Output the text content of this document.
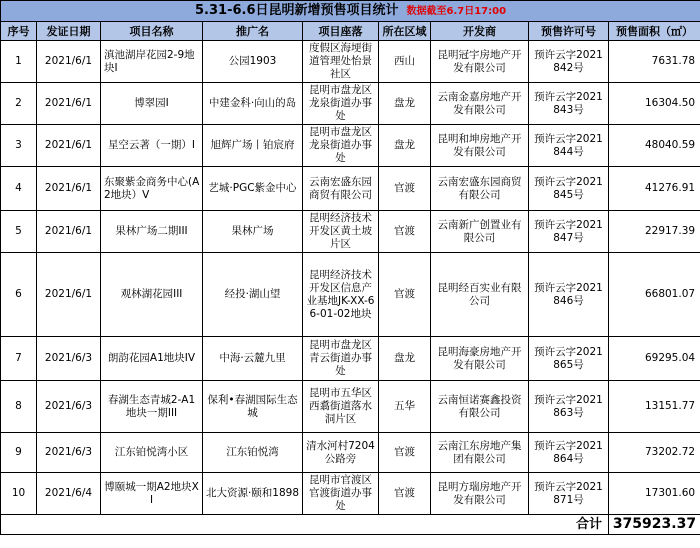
5.31-6.6日昆明新增预售项目统计 数据截至6.7日17:00								
序号	发证日期	项目名称	推广名	项目座落	所在区域	开发商	预售许可号	预售面积（㎡）
1	2021/6/1	滇池湖岸花园2-9地块I	公园1903	度假区海埂街道管理处怡景社区	西山	昆明冠宇房地产开发有限公司	预许云字2021842号	7631.78
2	2021/6/1	博翠园I	中建金科·向山的岛	昆明市盘龙区龙泉街道办事处	盘龙	云南金嘉房地产开发有限公司	预许云字2021843号	16304.50
3	2021/6/1	星空云著（一期）I	旭辉广场丨铂宸府	昆明市盘龙区龙泉街道办事处	盘龙	昆明和坤房地产开发有限公司	预许云字2021844号	48040.59
4	2021/6/1	东聚紫金商务中心(A2地块）V	艺城·PGC紫金中心	云南宏盛东园商贸有限公司	官渡	云南宏盛东园商贸有限公司	预许云字2021845号	41276.91
5	2021/6/1	果林广场二期III	果林广场	昆明经济技术开发区黄土坡片区	官渡	云南新广创置业有限公司	预许云字2021847号	22917.39
6	2021/6/1	观林湖花园III	经投·湖山望	昆明经济技术开发区信息产业基地JK-XX-66-01-02地块	官渡	昆明经百实业有限公司	预许云字2021846号	66801.07
7	2021/6/3	朗韵花园A1地块IV	中海·云麓九里	昆明市盘龙区青云街道办事处	盘龙	昆明海豪房地产开发有限公司	预许云字2021865号	69295.04
8	2021/6/3	春湖生态青城2-A1地块一期III	保利•春湖国际生态城	昆明市五华区西翥街道落水洞片区	五华	云南恒诺赛鑫投资有限公司	预许云字2021863号	13151.77
9	2021/6/3	江东铂悦湾小区	江东铂悦湾	清水河村7204公路旁	官渡	云南江东房地产集团有限公司	预许云字2021864号	73202.72
10	2021/6/4	博颐城一期A2地块XI	北大资源·颐和1898	昆明市官渡区官渡街道办事处	官渡	昆明方瑞房地产开发有限公司	预许云字2021871号	17301.60
合计								375923.37
